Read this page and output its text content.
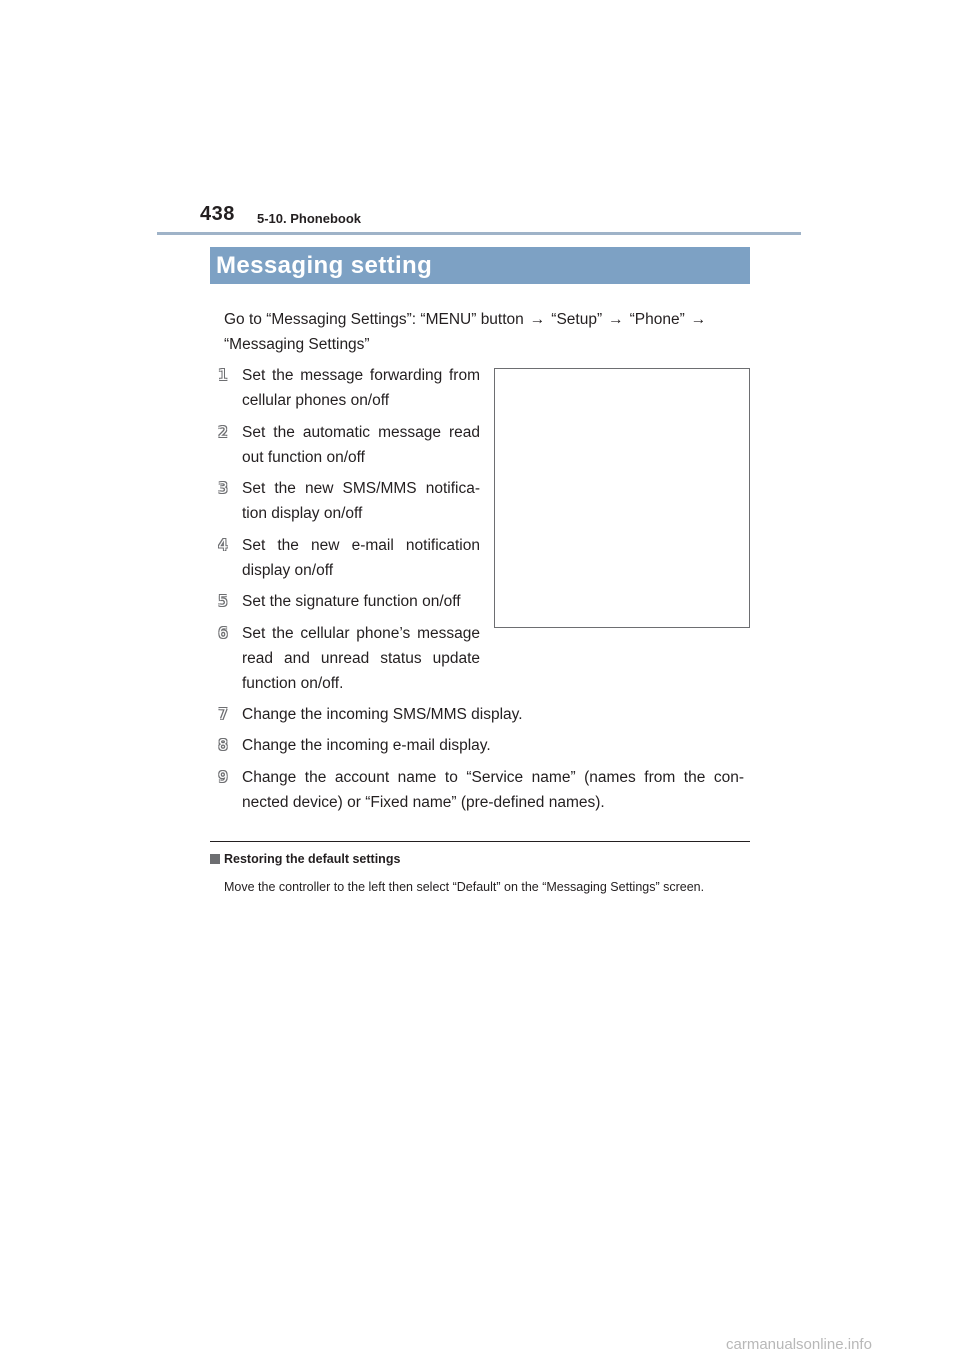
438 5-10. Phonebook
Messaging setting
Go to “Messaging Settings”: “MENU” button → “Setup” → “Phone” →
“Messaging Settings”
1 Set the message forwarding from cellular phones on/off
2 Set the automatic message read out function on/off
3 Set the new SMS/MMS notifica-tion display on/off
4 Set the new e-mail notification display on/off
5 Set the signature function on/off
6 Set the cellular phone’s message read and unread status update function on/off.
7 Change the incoming SMS/MMS display.
8 Change the incoming e-mail display.
9 Change the account name to “Service name” (names from the con-nected device) or “Fixed name” (pre-defined names).
Restoring the default settings
Move the controller to the left then select “Default” on the “Messaging Settings” screen.
carmanualsonline.info
